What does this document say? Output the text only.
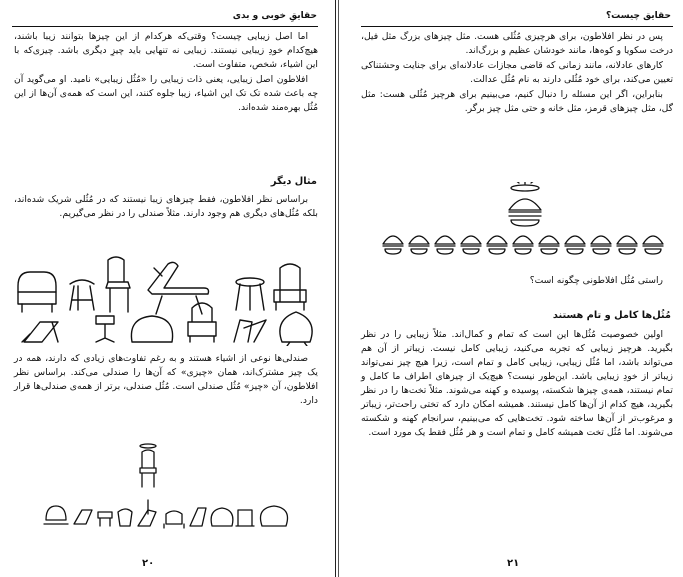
حقایقِ خوبی و بدی

اما اصل زیبایی چیست؟ وقتی‌که هرکدام از این چیزها بتوانند زیبا باشند، هیچ‌کدام خودِ زیبایی نیستند. زیبایی نه تنهایی باید چیزِ دیگری باشد. چیزی‌که با این اشیاء، شخص، متفاوت است.

افلاطون اصل زیبایی، یعنی ذات زیبایی را «مُثُل زیبایی» نامید. او می‌گوید آن چه باعث شده تک تک این اشیاء، زیبا جلوه کنند، این است که همه‌ی آن‌ها از این مُثُل بهره‌مند شده‌اند.

مثال دیگر

براساس نظر افلاطون، فقط چیزهای زیبا نیستند که در مُثُلی شریک شده‌اند، بلکه مُثُل‌های دیگری هم وجود دارند. مثلاً صندلی را در نظر می‌گیریم.

صندلی‌ها نوعی از اشیاء هستند و به رغم تفاوت‌های زیادی که دارند، همه در یک چیز مشترک‌اند، همان «چیزی» که آن‌ها را صندلی می‌کند. براساس نظر افلاطون، آن «چیز» مُثُل صندلی است. مُثُل صندلی، برتر از همه‌ی صندلی‌ها قرار دارد.

۲۰
حقایق چیست؟

پس در نظر افلاطون، برای هرچیزی مُثُلی هست. مثل چیزهای بزرگ مثل فیل، درخت سکویا و کوه‌ها، مانند خودشان عظیم و بزرگ‌اند.

کارهای عادلانه، مانند زمانی که قاضی مجازات عادلانه‌ای برای جنایت وحشتناکی تعیین می‌کند، برای خود مُثُلی دارند به نام مُثُل عدالت.

بنابراین، اگر این مسئله را دنبال کنیم، می‌بینیم برای هرچیز مُثُلی هست: مثل گل، مثل چیزهای قرمز، مثل خانه و حتی مثل چیز برگر.

راستی مُثُل افلاطونی چگونه است؟

مُثُل‌ها کامل و تام هستند

اولین خصوصیت مُثُل‌ها این است که تمام و کمال‌اند. مثلاً زیبایی را در نظر بگیرید. هرچیز زیبایی که تجربه می‌کنید، زیبایی کامل نیست. زیباتر از آن هم می‌تواند باشد، اما مُثُل زیبایی، زیبایی کامل و تمام است، زیرا هیچ چیز نمی‌تواند زیباتر از خودِ زیبایی باشد. این‌طور نیست؟ هیچ‌یک از چیزهای اطراف ما کامل و تمام نیستند، همه‌ی چیزها شکسته، پوسیده و کهنه می‌شوند. مثلاً تخت‌ها را در نظر بگیرید، هیچ کدام از آن‌ها کامل نیستند. همیشه امکان دارد که تختی راحت‌تر، زیباتر و مرغوب‌تر از آن‌ها ساخته شود. تخت‌هایی که می‌بینیم، سرانجام کهنه و شکسته می‌شوند. اما مُثُل تخت همیشه کامل و تمام است و هر مُثُل فقط یک مورد است.

۲۱
